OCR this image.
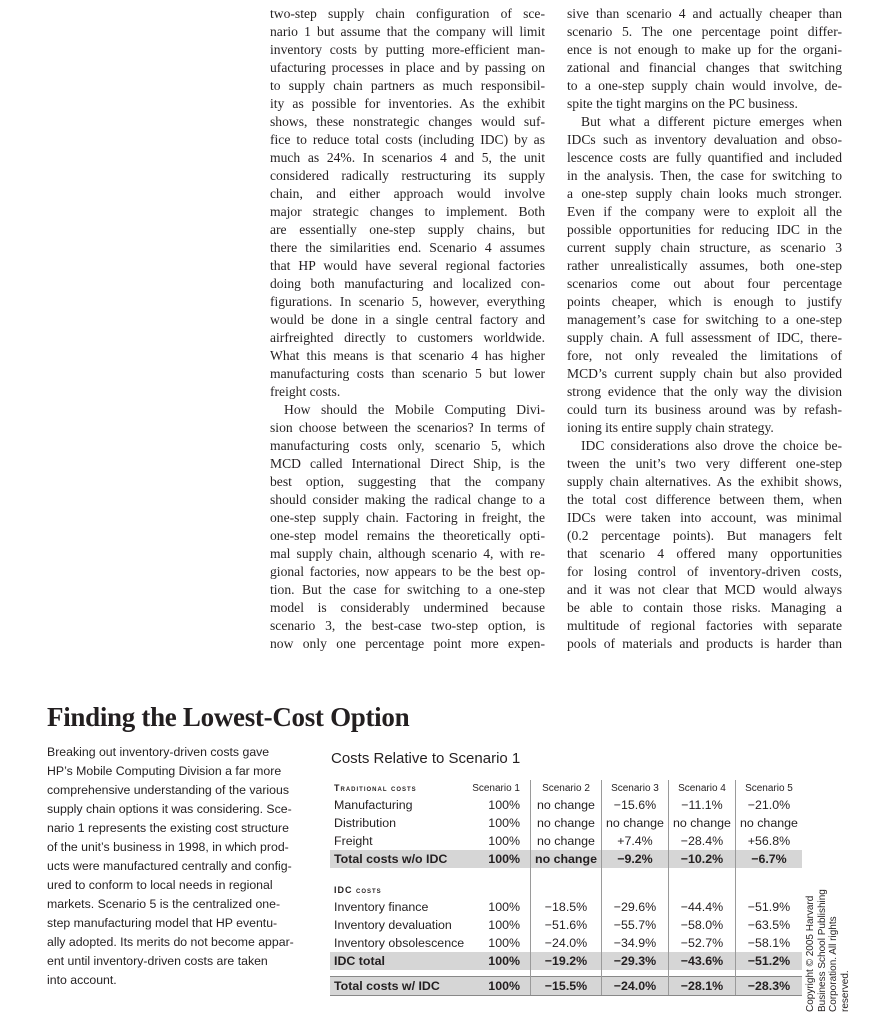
two-step supply chain configuration of sce-
nario 1 but assume that the company will limit
inventory costs by putting more-efficient man-
ufacturing processes in place and by passing on
to supply chain partners as much responsibil-
ity as possible for inventories. As the exhibit
shows, these nonstrategic changes would suf-
fice to reduce total costs (including IDC) by as
much as 24%. In scenarios 4 and 5, the unit
considered radically restructuring its supply
chain, and either approach would involve
major strategic changes to implement. Both
are essentially one-step supply chains, but
there the similarities end. Scenario 4 assumes
that HP would have several regional factories
doing both manufacturing and localized con-
figurations. In scenario 5, however, everything
would be done in a single central factory and
airfreighted directly to customers worldwide.
What this means is that scenario 4 has higher
manufacturing costs than scenario 5 but lower
freight costs.
How should the Mobile Computing Divi-
sion choose between the scenarios? In terms of
manufacturing costs only, scenario 5, which
MCD called International Direct Ship, is the
best option, suggesting that the company
should consider making the radical change to a
one-step supply chain. Factoring in freight, the
one-step model remains the theoretically opti-
mal supply chain, although scenario 4, with re-
gional factories, now appears to be the best op-
tion. But the case for switching to a one-step
model is considerably undermined because
scenario 3, the best-case two-step option, is
now only one percentage point more expen-
sive than scenario 4 and actually cheaper than
scenario 5. The one percentage point differ-
ence is not enough to make up for the organi-
zational and financial changes that switching
to a one-step supply chain would involve, de-
spite the tight margins on the PC business.
But what a different picture emerges when
IDCs such as inventory devaluation and obso-
lescence costs are fully quantified and included
in the analysis. Then, the case for switching to
a one-step supply chain looks much stronger.
Even if the company were to exploit all the
possible opportunities for reducing IDC in the
current supply chain structure, as scenario 3
rather unrealistically assumes, both one-step
scenarios come out about four percentage
points cheaper, which is enough to justify
management’s case for switching to a one-step
supply chain. A full assessment of IDC, there-
fore, not only revealed the limitations of
MCD’s current supply chain but also provided
strong evidence that the only way the division
could turn its business around was by refash-
ioning its entire supply chain strategy.
IDC considerations also drove the choice be-
tween the unit’s two very different one-step
supply chain alternatives. As the exhibit shows,
the total cost difference between them, when
IDCs were taken into account, was minimal
(0.2 percentage points). But managers felt
that scenario 4 offered many opportunities
for losing control of inventory-driven costs,
and it was not clear that MCD would always
be able to contain those risks. Managing a
multitude of regional factories with separate
pools of materials and products is harder than
Finding the Lowest-Cost Option
Breaking out inventory-driven costs gave
HP’s Mobile Computing Division a far more
comprehensive understanding of the various
supply chain options it was considering. Sce-
nario 1 represents the existing cost structure
of the unit’s business in 1998, in which prod-
ucts were manufactured centrally and config-
ured to conform to local needs in regional
markets. Scenario 5 is the centralized one-
step manufacturing model that HP eventu-
ally adopted. Its merits do not become appar-
ent until inventory-driven costs are taken
into account.
Costs Relative to Scenario 1
Traditional costs	Scenario 1	Scenario 2	Scenario 3	Scenario 4	Scenario 5
Manufacturing	100%	no change	−15.6%	−11.1%	−21.0%
Distribution	100%	no change	no change	no change	no change
Freight	100%	no change	+7.4%	−28.4%	+56.8%
Total costs w/o IDC	100%	no change	−9.2%	−10.2%	−6.7%

IDC costs					
Inventory finance	100%	−18.5%	−29.6%	−44.4%	−51.9%
Inventory devaluation	100%	−51.6%	−55.7%	−58.0%	−63.5%
Inventory obsolescence	100%	−24.0%	−34.9%	−52.7%	−58.1%
IDC total	100%	−19.2%	−29.3%	−43.6%	−51.2%

Total costs w/ IDC	100%	−15.5%	−24.0%	−28.1%	−28.3% Copyright © 2005 Harvard Business School Publishing Corporation. All rights reserved.
